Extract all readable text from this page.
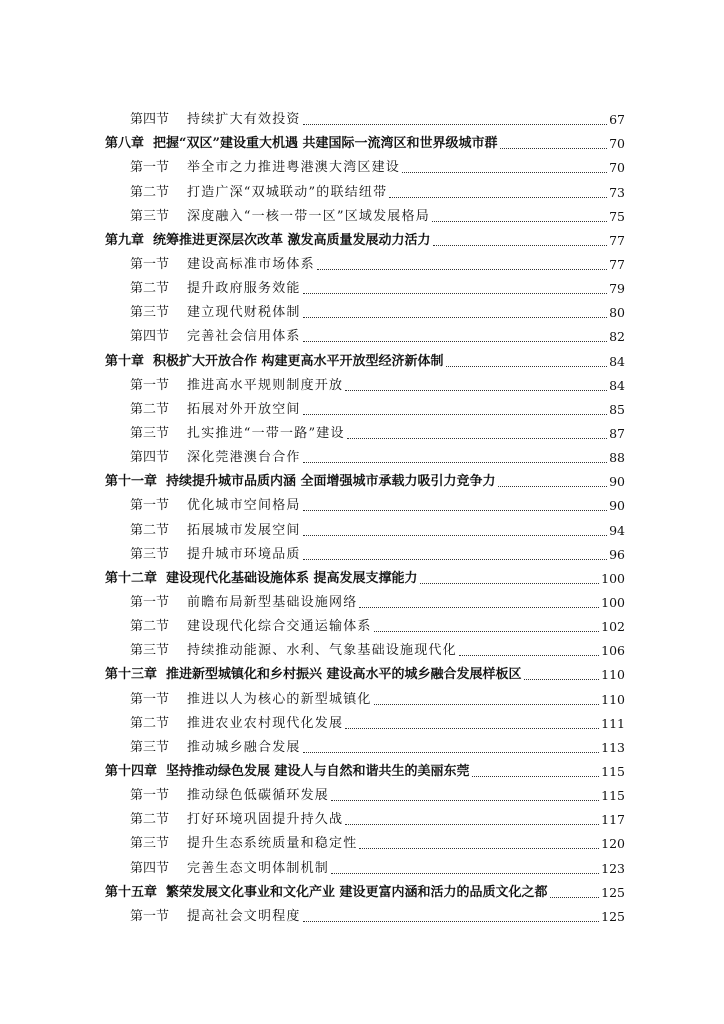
第四节	持续扩大有效投资	67
第八章 把握“双区”建设重大机遇 共建国际一流湾区和世界级城市群	70
第一节	举全市之力推进粤港澳大湾区建设	70
第二节	打造广深“双城联动”的联结纽带	73
第三节	深度融入“一核一带一区”区域发展格局	75
第九章 统筹推进更深层次改革 激发高质量发展动力活力	77
第一节	建设高标准市场体系	77
第二节	提升政府服务效能	79
第三节	建立现代财税体制	80
第四节	完善社会信用体系	82
第十章 积极扩大开放合作 构建更高水平开放型经济新体制	84
第一节	推进高水平规则制度开放	84
第二节	拓展对外开放空间	85
第三节	扎实推进“一带一路”建设	87
第四节	深化莞港澳台合作	88
第十一章 持续提升城市品质内涵 全面增强城市承载力吸引力竞争力	90
第一节	优化城市空间格局	90
第二节	拓展城市发展空间	94
第三节	提升城市环境品质	96
第十二章 建设现代化基础设施体系 提高发展支撑能力	100
第一节	前瞻布局新型基础设施网络	100
第二节	建设现代化综合交通运输体系	102
第三节	持续推动能源、水利、气象基础设施现代化	106
第十三章 推进新型城镇化和乡村振兴 建设高水平的城乡融合发展样板区	110
第一节	推进以人为核心的新型城镇化	110
第二节	推进农业农村现代化发展	111
第三节	推动城乡融合发展	113
第十四章 坚持推动绿色发展 建设人与自然和谐共生的美丽东莞	115
第一节	推动绿色低碳循环发展	115
第二节	打好环境巩固提升持久战	117
第三节	提升生态系统质量和稳定性	120
第四节	完善生态文明体制机制	123
第十五章 繁荣发展文化事业和文化产业 建设更富内涵和活力的品质文化之都	125
第一节	提高社会文明程度	125
